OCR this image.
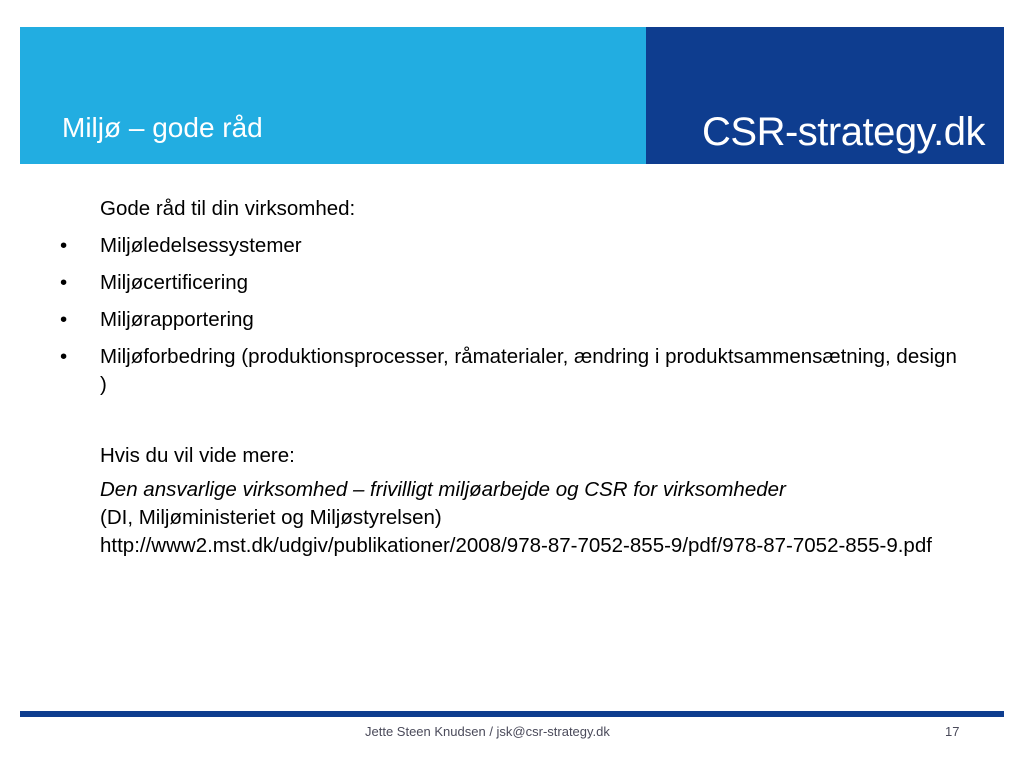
Miljø – gode råd	CSR-strategy.dk
Gode råd til din virksomhed:
• Miljøledelsessystemer
• Miljøcertificering
• Miljørapportering
• Miljøforbedring (produktionsprocesser, råmaterialer, ændring i produktsammensætning, design )
Hvis du vil vide mere:
Den ansvarlige virksomhed – frivilligt miljøarbejde og CSR for virksomheder
(DI, Miljøministeriet og Miljøstyrelsen)
http://www2.mst.dk/udgiv/publikationer/2008/978-87-7052-855-9/pdf/978-87-7052-855-9.pdf
Jette Steen Knudsen / jsk@csr-strategy.dk	17
